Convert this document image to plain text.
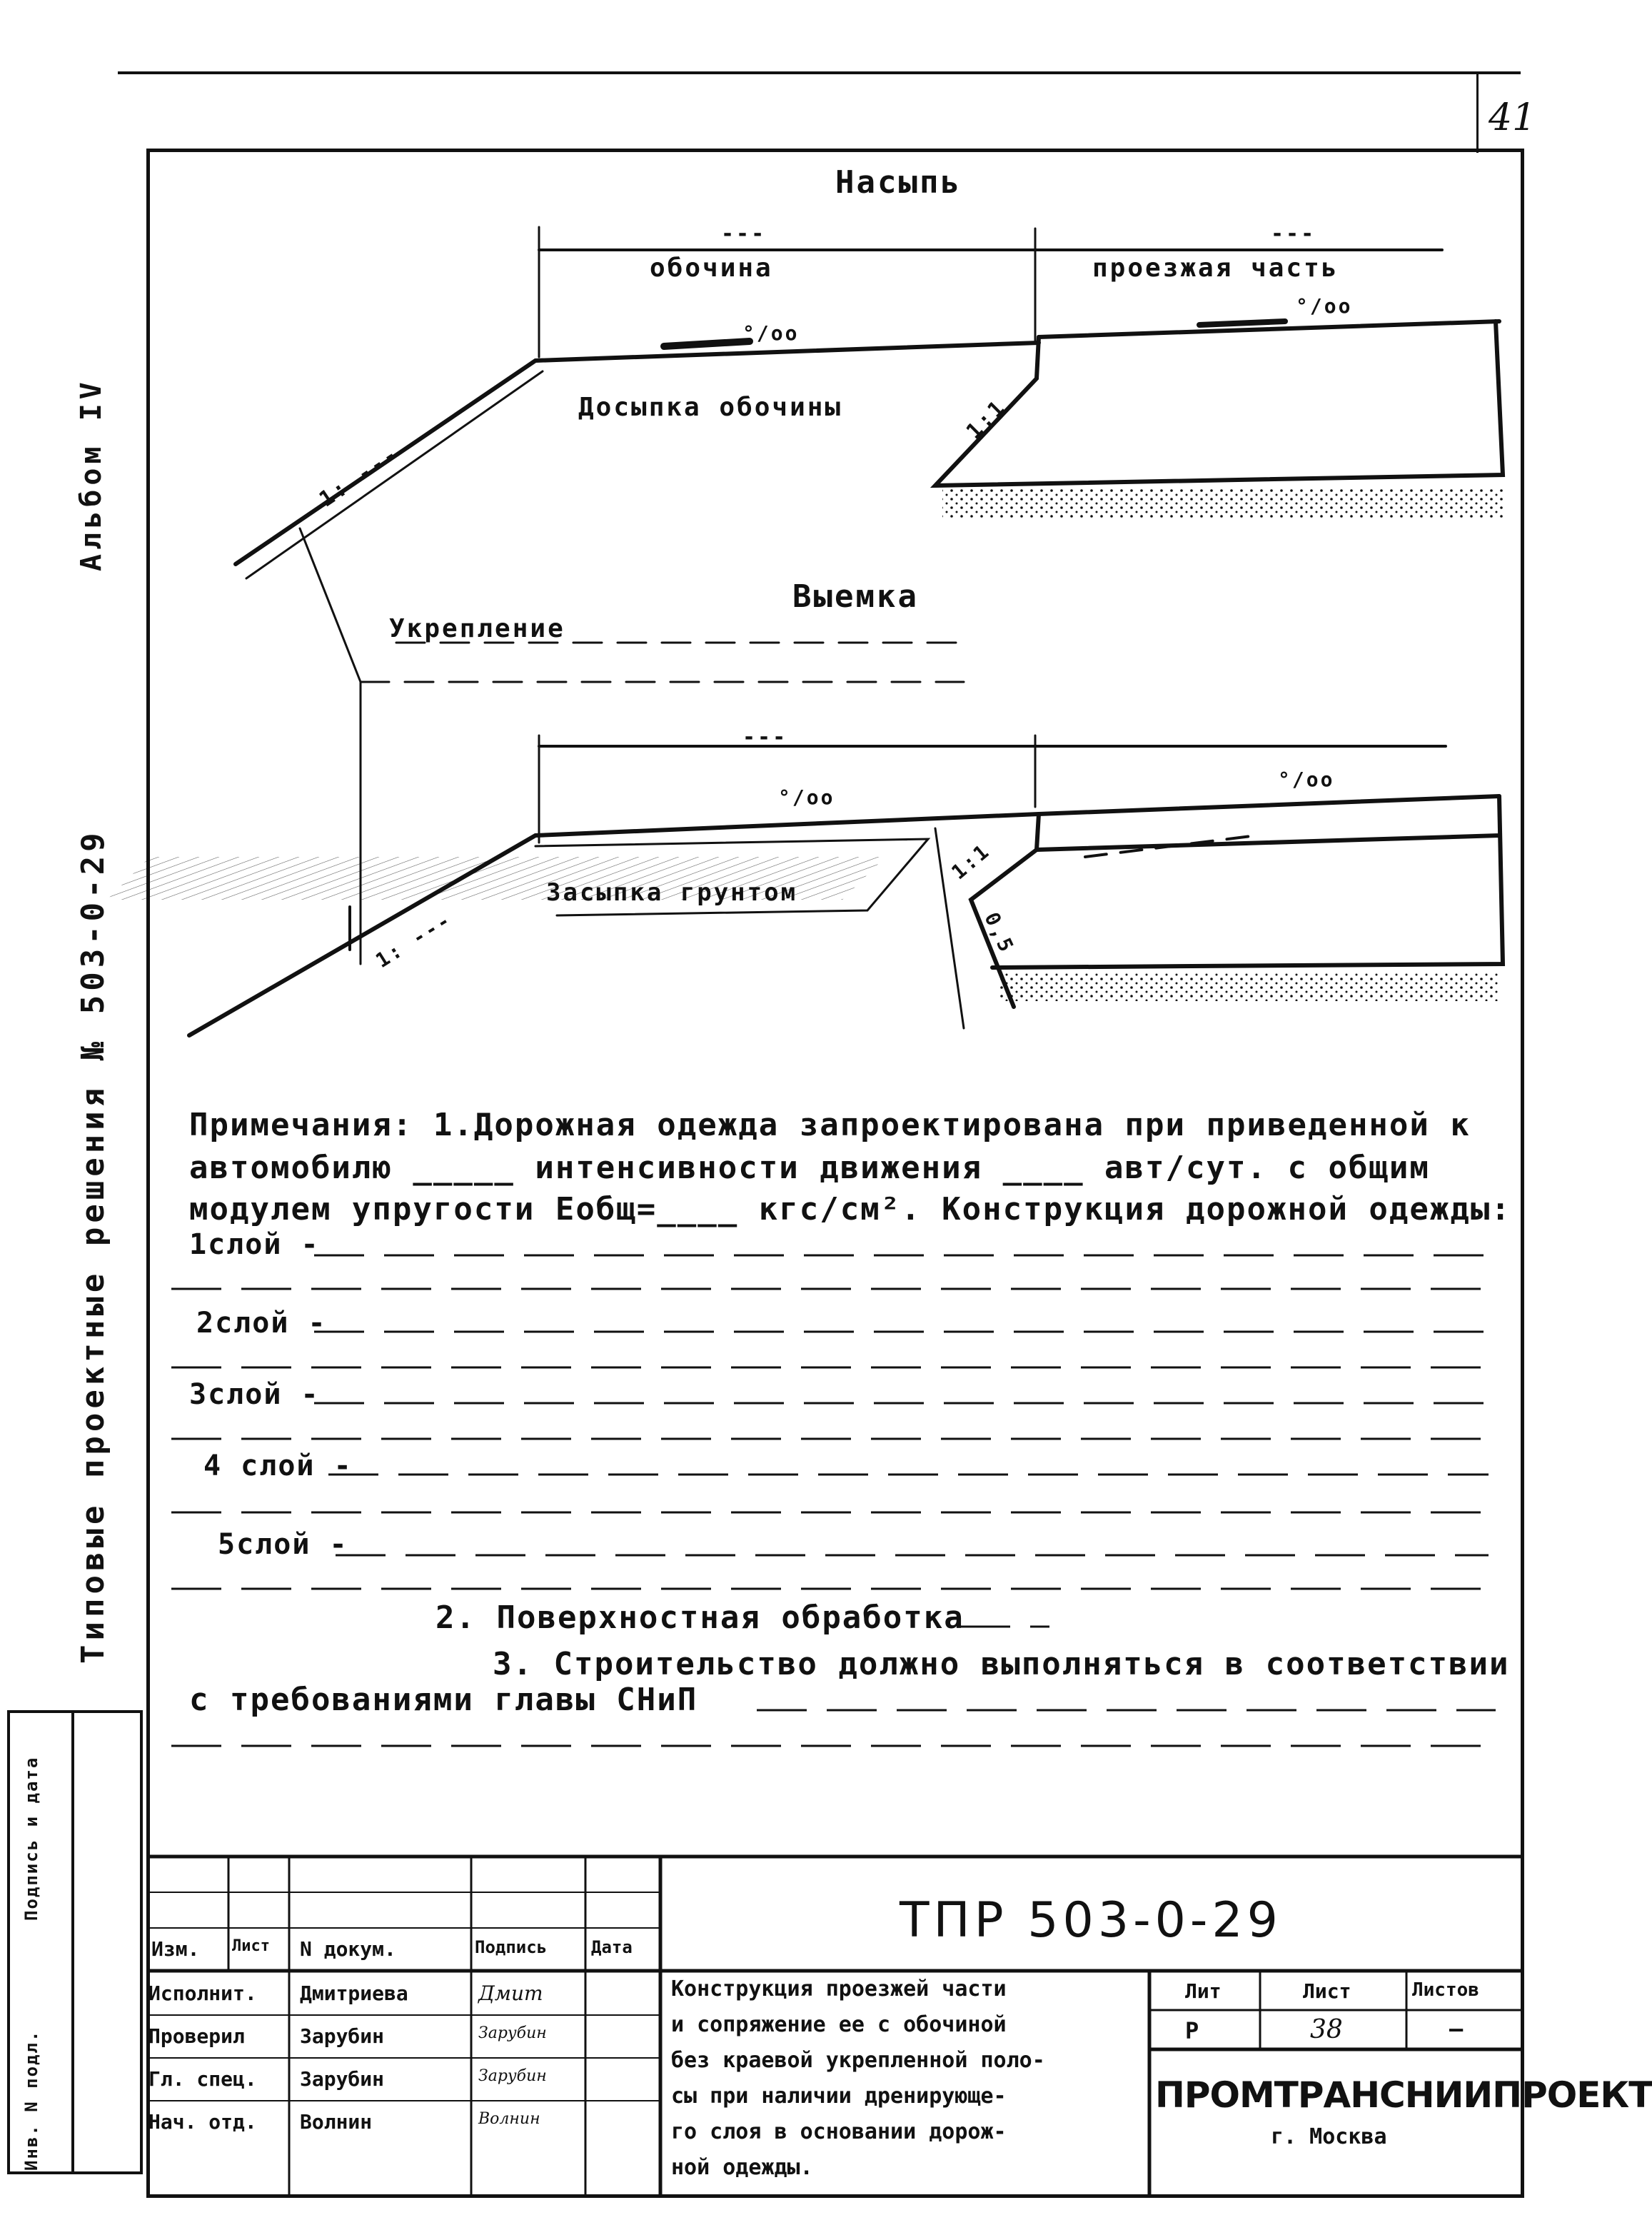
41
Альбом IV
Типовые проектные решения № 503-0-29
Инв. N подл.
Подпись и дата
Насыпь
---	---
обочина	проезжая часть
°/оо
°/оо
Досыпка обочины	1:1
1: ---
Выемка
Укрепление
---
°/оо
°/оо
Засыпка грунтом
1:1
0,5
1: ---
Примечания: 1.Дорожная одежда запроектирована при приведенной к
автомобилю _____ интенсивности движения ____ авт/сут. с общим
модулем упругости Еобщ=____ кгс/см². Конструкция дорожной одежды:
1слой -
2слой -
3слой -
4 слой -
5слой -
2. Поверхностная обработка
3. Строительство должно выполняться в соответствии
с требованиями главы СНиП
ТПР 503-0-29
Изм. Лист N докум.	Подпись	Дата
Исполнит. Дмитриева	Дмит
Проверил	Зарубин	Зарубин
Гл. спец. Зарубин	Зарубин
Нач. отд. Волнин	Волнин
Конструкция проезжей части
и сопряжение ее с обочиной
без краевой укрепленной поло-
сы при наличии дренирующе-
го слоя в основании дорож-
ной одежды.
Лит	Лист	Листов
Р	38	—
ПРОМТРАНСНИИПРОЕКТ
г. Москва
